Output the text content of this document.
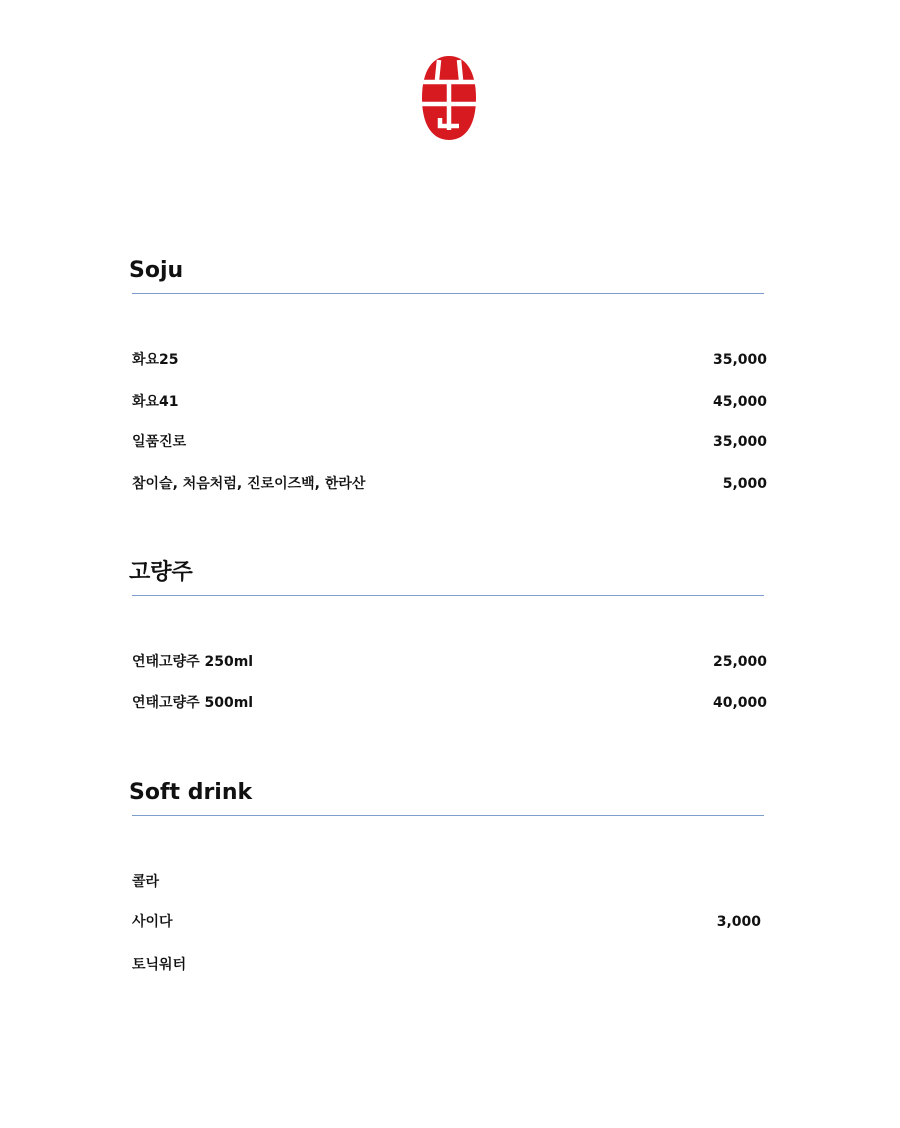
Soju
화요25	35,000
화요41	45,000
일품진로	35,000
참이슬, 처음처럼, 진로이즈백, 한라산	5,000
고량주
연태고량주 250ml	25,000
연태고량주 500ml	40,000
Soft drink
콜라
사이다	3,000
토닉워터
